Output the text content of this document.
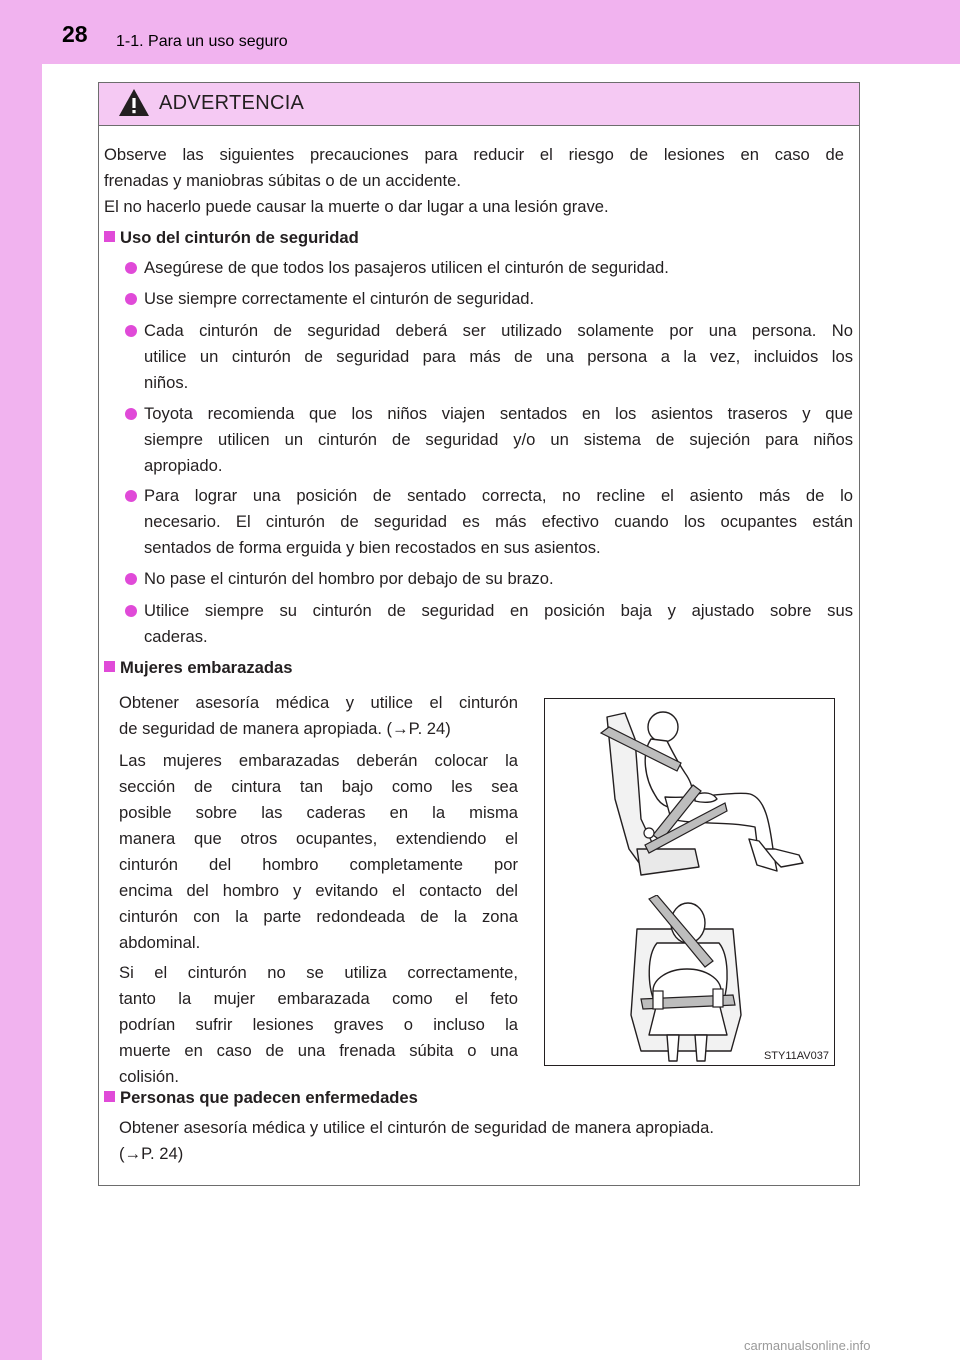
28 1-1. Para un uso seguro
ADVERTENCIA
Observe las siguientes precauciones para reducir el riesgo de lesiones en caso de
frenadas y maniobras súbitas o de un accidente.
El no hacerlo puede causar la muerte o dar lugar a una lesión grave.
Uso del cinturón de seguridad
Asegúrese de que todos los pasajeros utilicen el cinturón de seguridad.
Use siempre correctamente el cinturón de seguridad.
Cada cinturón de seguridad deberá ser utilizado solamente por una persona. No
utilice un cinturón de seguridad para más de una persona a la vez, incluidos los
niños.
Toyota recomienda que los niños viajen sentados en los asientos traseros y que
siempre utilicen un cinturón de seguridad y/o un sistema de sujeción para niños
apropiado.
Para lograr una posición de sentado correcta, no recline el asiento más de lo
necesario. El cinturón de seguridad es más efectivo cuando los ocupantes están
sentados de forma erguida y bien recostados en sus asientos.
No pase el cinturón del hombro por debajo de su brazo.
Utilice siempre su cinturón de seguridad en posición baja y ajustado sobre sus
caderas.
Mujeres embarazadas
Obtener asesoría médica y utilice el cinturón
de seguridad de manera apropiada. (→P. 24)
Las mujeres embarazadas deberán colocar la
sección de cintura tan bajo como les sea
posible sobre las caderas en la misma
manera que otros ocupantes, extendiendo el
cinturón del hombro completamente por
encima del hombro y evitando el contacto del
cinturón con la parte redondeada de la zona
abdominal.
Si el cinturón no se utiliza correctamente,
tanto la mujer embarazada como el feto
podrían sufrir lesiones graves o incluso la
muerte en caso de una frenada súbita o una
colisión.
STY11AV037
Personas que padecen enfermedades
Obtener asesoría médica y utilice el cinturón de seguridad de manera apropiada.
(→P. 24)
carmanualsonline.info
